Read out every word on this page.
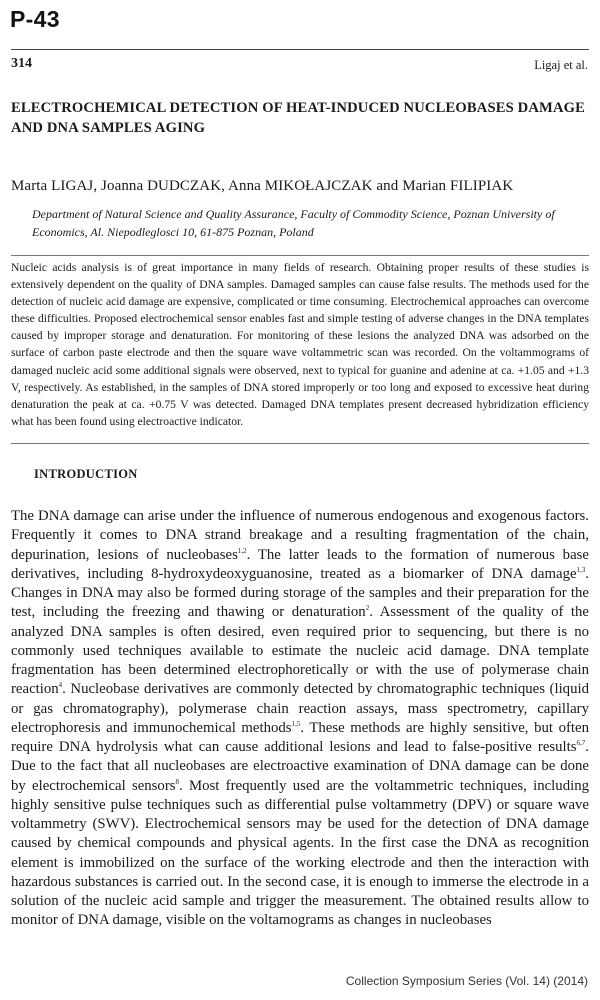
P-43
314	Ligaj et al.
ELECTROCHEMICAL DETECTION OF HEAT-INDUCED NUCLEOBASES DAMAGE AND DNA SAMPLES AGING
Marta LIGAJ, Joanna DUDCZAK, Anna MIKOŁAJCZAK and Marian FILIPIAK
Department of Natural Science and Quality Assurance, Faculty of Commodity Science, Poznan University of Economics, Al. Niepodleglosci 10, 61-875 Poznan, Poland

Nucleic acids analysis is of great importance in many fields of research. Obtaining proper results of these studies is extensively dependent on the quality of DNA samples. Damaged samples can cause false results. The methods used for the detection of nucleic acid damage are expensive, complicated or time consuming. Electrochemical approaches can overcome these difficulties. Proposed electrochemical sensor enables fast and simple testing of adverse changes in the DNA templates caused by improper storage and denaturation. For monitoring of these lesions the analyzed DNA was adsorbed on the surface of carbon paste electrode and then the square wave voltammetric scan was recorded. On the voltammograms of damaged nucleic acid some additional signals were observed, next to typical for guanine and adenine at ca. +1.05 and +1.3 V, respectively. As established, in the samples of DNA stored improperly or too long and exposed to excessive heat during denaturation the peak at ca. +0.75 V was detected. Damaged DNA templates present decreased hybridization efficiency what has been found using electroactive indicator.

INTRODUCTION

The DNA damage can arise under the influence of numerous endogenous and exogenous factors. Frequently it comes to DNA strand breakage and a resulting fragmentation of the chain, depurination, lesions of nucleobases$^{1,2}$. The latter leads to the formation of numerous base derivatives, including 8-hydroxydeoxyguanosine, treated as a biomarker of DNA damage$^{1,3}$. Changes in DNA may also be formed during storage of the samples and their preparation for the test, including the freezing and thawing or denaturation$^2$. Assessment of the quality of the analyzed DNA samples is often desired, even required prior to sequencing, but there is no commonly used techniques available to estimate the nucleic acid damage. DNA template fragmentation has been determined electrophoretically or with the use of polymerase chain reaction$^4$. Nucleobase derivatives are commonly detected by chromatographic techniques (liquid or gas chromatography), polymerase chain reaction assays, mass spectrometry, capillary electrophoresis and immunochemical methods$^{1,5}$. These methods are highly sensitive, but often require DNA hydrolysis what can cause additional lesions and lead to false-positive results$^{6,7}$. Due to the fact that all nucleobases are electroactive examination of DNA damage can be done by electrochemical sensors$^8$. Most frequently used are the voltammetric techniques, including highly sensitive pulse techniques such as differential pulse voltammetry (DPV) or square wave voltammetry (SWV). Electrochemical sensors may be used for the detection of DNA damage caused by chemical compounds and physical agents. In the first case the DNA as recognition element is immobilized on the surface of the working electrode and then the interaction with hazardous substances is carried out. In the second case, it is enough to immerse the electrode in a solution of the nucleic acid sample and trigger the measurement. The obtained results allow to monitor of DNA damage, visible on the voltamograms as changes in nucleobases

Collection Symposium Series (Vol. 14) (2014)
